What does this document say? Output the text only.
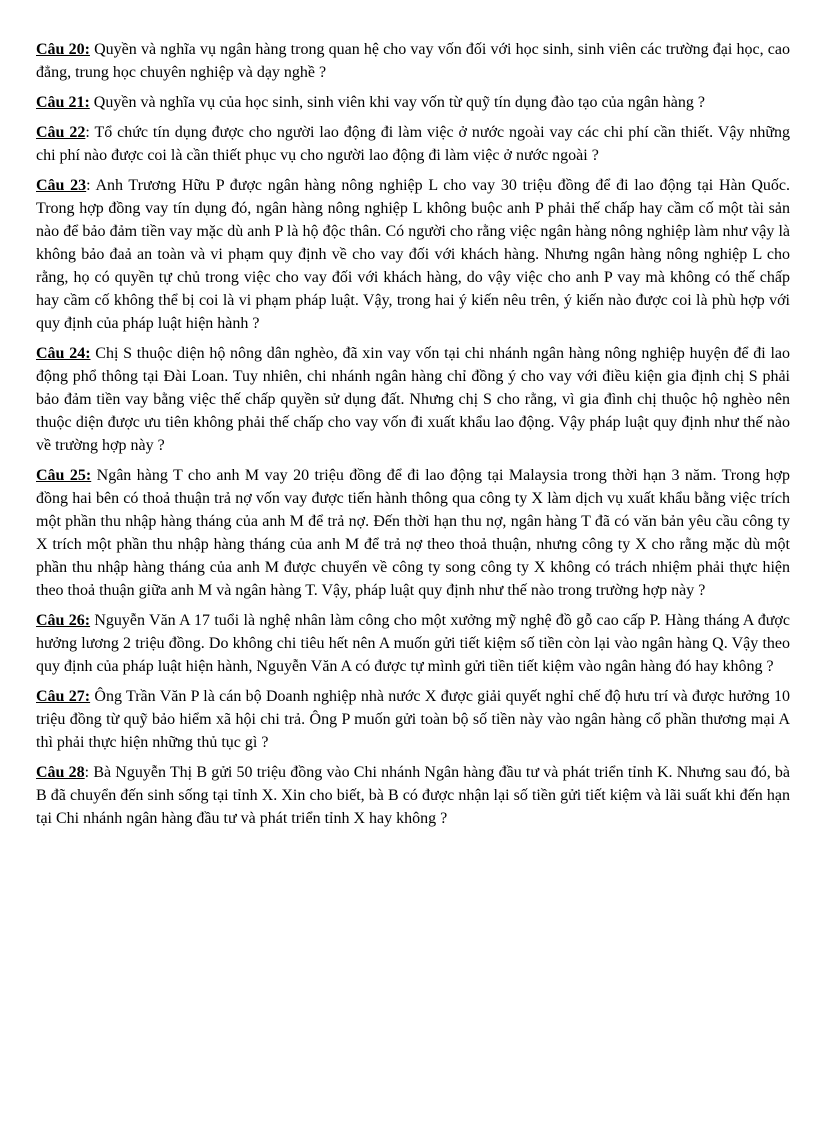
Câu 20: Quyền và nghĩa vụ ngân hàng trong quan hệ cho vay vốn đối với học sinh, sinh viên các trường đại học, cao đẳng, trung học chuyên nghiệp và dạy nghề ?

Câu 21: Quyền và nghĩa vụ của học sinh, sinh viên khi vay vốn từ quỹ tín dụng đào tạo của ngân hàng ?

Câu 22: Tổ chức tín dụng được cho người lao động đi làm việc ở nước ngoài vay các chi phí cần thiết. Vậy những chi phí nào được coi là cần thiết phục vụ cho người lao động đi làm việc ở nước ngoài ?

Câu 23: Anh Trương Hữu P được ngân hàng nông nghiệp L cho vay 30 triệu đồng để đi lao động tại Hàn Quốc. Trong hợp đồng vay tín dụng đó, ngân hàng nông nghiệp L không buộc anh P phải thế chấp hay cầm cố một tài sản nào để bảo đảm tiền vay mặc dù anh P là hộ độc thân. Có người cho rằng việc ngân hàng nông nghiệp làm như vậy là không bảo đaả an toàn và vi phạm quy định về cho vay đối với khách hàng. Nhưng ngân hàng nông nghiệp L cho rằng, họ có quyền tự chủ trong việc cho vay đối với khách hàng, do vậy việc cho anh P vay mà không có thế chấp hay cầm cố không thể bị coi là vi phạm pháp luật. Vậy, trong hai ý kiến nêu trên, ý kiến nào được coi là phù hợp với quy định của pháp luật hiện hành ?

Câu 24: Chị S thuộc diện hộ nông dân nghèo, đã xin vay vốn tại chi nhánh ngân hàng nông nghiệp huyện để đi lao động phổ thông tại Đài Loan. Tuy nhiên, chi nhánh ngân hàng chỉ đồng ý cho vay với điều kiện gia định chị S phải bảo đảm tiền vay bằng việc thế chấp quyền sử dụng đất. Nhưng chị S cho rằng, vì gia đình chị thuộc hộ nghèo nên thuộc diện được ưu tiên không phải thế chấp cho vay vốn đi xuất khẩu lao động. Vậy pháp luật quy định như thế nào về trường hợp này ?

Câu 25: Ngân hàng T cho anh M vay 20 triệu đồng để đi lao động tại Malaysia trong thời hạn 3 năm. Trong hợp đồng hai bên có thoả thuận trả nợ vốn vay được tiến hành thông qua công ty X làm dịch vụ xuất khẩu bằng việc trích một phần thu nhập hàng tháng của anh M để trả nợ. Đến thời hạn thu nợ, ngân hàng T đã có văn bản yêu cầu công ty X trích một phần thu nhập hàng tháng của anh M để trả nợ theo thoả thuận, nhưng công ty X cho rằng mặc dù một phần thu nhập hàng tháng của anh M được chuyển về công ty song công ty X không có trách nhiệm phải thực hiện theo thoả thuận giữa anh M và ngân hàng T. Vậy, pháp luật quy định như thế nào trong trường hợp này ?

Câu 26: Nguyễn Văn A 17 tuổi là nghệ nhân làm công cho một xưởng mỹ nghệ đồ gỗ cao cấp P. Hàng tháng A được hưởng lương 2 triệu đồng. Do không chi tiêu hết nên A muốn gửi tiết kiệm số tiền còn lại vào ngân hàng Q. Vậy theo quy định của pháp luật hiện hành, Nguyễn Văn A có được tự mình gửi tiền tiết kiệm vào ngân hàng đó hay không ?

Câu 27: Ông Trần Văn P là cán bộ Doanh nghiệp nhà nước X được giải quyết nghỉ chế độ hưu trí và được hưởng 10 triệu đồng từ quỹ bảo hiểm xã hội chi trả. Ông P muốn gửi toàn bộ số tiền này vào ngân hàng cổ phần thương mại A thì phải thực hiện những thủ tục gì ?

Câu 28: Bà Nguyễn Thị B gửi 50 triệu đồng vào Chi nhánh Ngân hàng đầu tư và phát triển tỉnh K. Nhưng sau đó, bà B đã chuyển đến sinh sống tại tỉnh X. Xin cho biết, bà B có được nhận lại số tiền gửi tiết kiệm và lãi suất khi đến hạn tại Chi nhánh ngân hàng đầu tư và phát triển tỉnh X hay không ?
